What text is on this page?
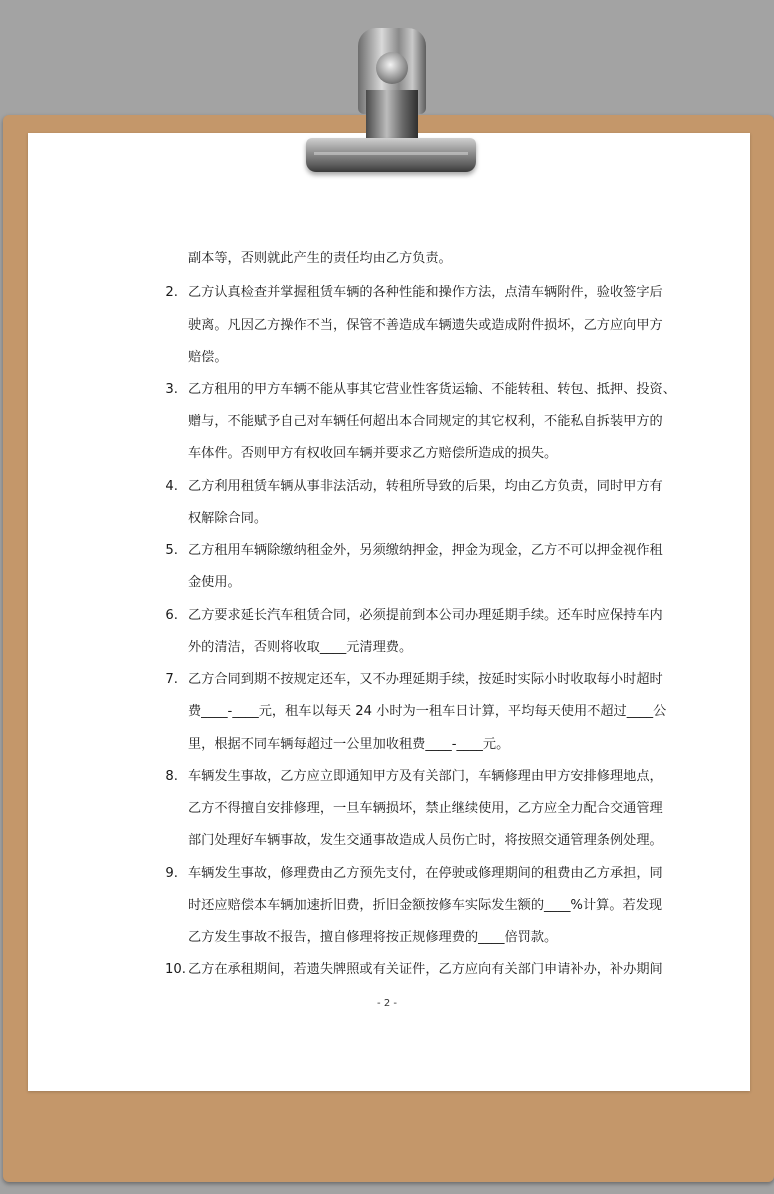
副本等，否则就此产生的责任均由乙方负责。
2. 乙方认真检查并掌握租赁车辆的各种性能和操作方法，点清车辆附件，验收签字后
驶离。凡因乙方操作不当，保管不善造成车辆遗失或造成附件损坏，乙方应向甲方
赔偿。
3. 乙方租用的甲方车辆不能从事其它营业性客货运输、不能转租、转包、抵押、投资、
赠与，不能赋予自己对车辆任何超出本合同规定的其它权利，不能私自拆装甲方的
车体件。否则甲方有权收回车辆并要求乙方赔偿所造成的损失。
4. 乙方利用租赁车辆从事非法活动，转租所导致的后果，均由乙方负责，同时甲方有
权解除合同。
5. 乙方租用车辆除缴纳租金外，另须缴纳押金，押金为现金，乙方不可以押金视作租
金使用。
6. 乙方要求延长汽车租赁合同，必须提前到本公司办理延期手续。还车时应保持车内
外的清洁，否则将收取____元清理费。
7. 乙方合同到期不按规定还车，又不办理延期手续，按延时实际小时收取每小时超时
费____-____元，租车以每天 24 小时为一租车日计算，平均每天使用不超过____公
里，根据不同车辆每超过一公里加收租费____-____元。
8. 车辆发生事故，乙方应立即通知甲方及有关部门，车辆修理由甲方安排修理地点，
乙方不得擅自安排修理，一旦车辆损坏，禁止继续使用，乙方应全力配合交通管理
部门处理好车辆事故，发生交通事故造成人员伤亡时，将按照交通管理条例处理。
9. 车辆发生事故，修理费由乙方预先支付，在停驶或修理期间的租费由乙方承担，同
时还应赔偿本车辆加速折旧费，折旧金额按修车实际发生额的____%计算。若发现
乙方发生事故不报告，擅自修理将按正规修理费的____倍罚款。
10. 乙方在承租期间，若遗失牌照或有关证件，乙方应向有关部门申请补办，补办期间
- 2 -
